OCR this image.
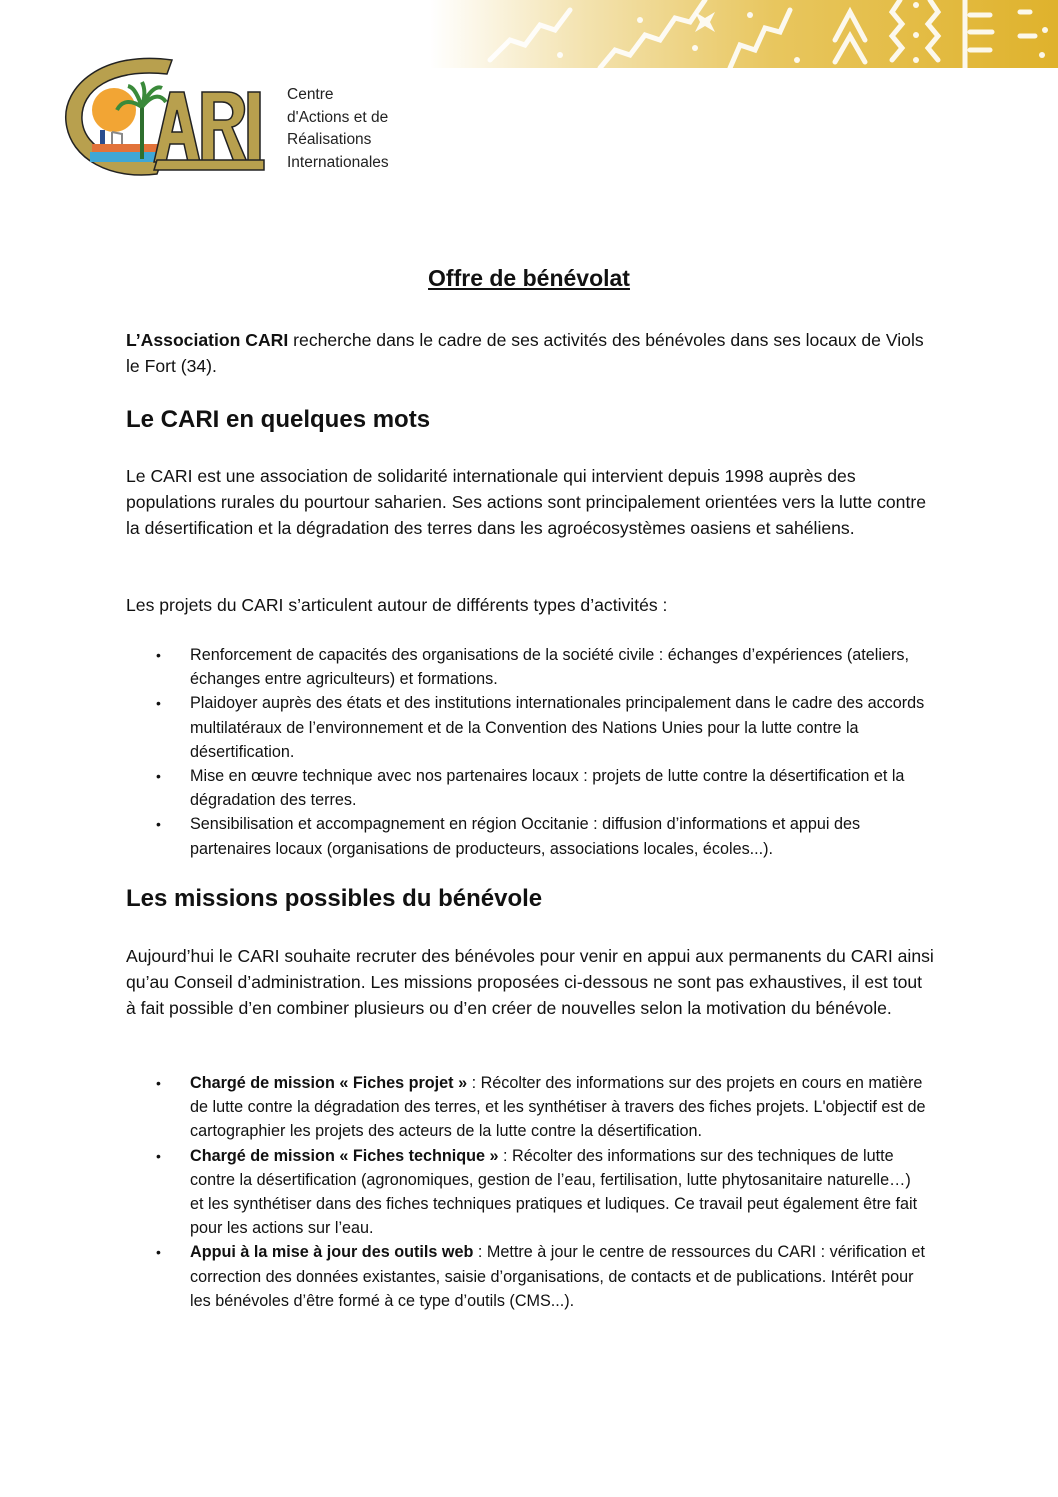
Centre
d'Actions et de
Réalisations
Internationales
Offre de bénévolat

L’Association CARI recherche dans le cadre de ses activités des bénévoles dans ses locaux de Viols le Fort (34).

Le CARI en quelques mots

Le CARI est une association de solidarité internationale qui intervient depuis 1998 auprès des populations rurales du pourtour saharien. Ses actions sont principalement orientées vers la lutte contre la désertification et la dégradation des terres dans les agroécosystèmes oasiens et sahéliens.

Les projets du CARI s’articulent autour de différents types d’activités :

• Renforcement de capacités des organisations de la société civile : échanges d’expériences (ateliers, échanges entre agriculteurs) et formations.
• Plaidoyer auprès des états et des institutions internationales principalement dans le cadre des accords multilatéraux de l’environnement et de la Convention des Nations Unies pour la lutte contre la désertification.
• Mise en œuvre technique avec nos partenaires locaux : projets de lutte contre la désertification et la dégradation des terres.
• Sensibilisation et accompagnement en région Occitanie : diffusion d’informations et appui des partenaires locaux (organisations de producteurs, associations locales, écoles...).
Les missions possibles du bénévole

Aujourd’hui le CARI souhaite recruter des bénévoles pour venir en appui aux permanents du CARI ainsi qu’au Conseil d’administration. Les missions proposées ci-dessous ne sont pas exhaustives, il est tout à fait possible d’en combiner plusieurs ou d’en créer de nouvelles selon la motivation du bénévole.

• Chargé de mission « Fiches projet » : Récolter des informations sur des projets en cours en matière de lutte contre la dégradation des terres, et les synthétiser à travers des fiches projets. L'objectif est de cartographier les projets des acteurs de la lutte contre la désertification.
• Chargé de mission « Fiches technique » : Récolter des informations sur des techniques de lutte contre la désertification (agronomiques, gestion de l’eau, fertilisation, lutte phytosanitaire naturelle…) et les synthétiser dans des fiches techniques pratiques et ludiques. Ce travail peut également être fait pour les actions sur l’eau.
• Appui à la mise à jour des outils web : Mettre à jour le centre de ressources du CARI : vérification et correction des données existantes, saisie d’organisations, de contacts et de publications. Intérêt pour les bénévoles d’être formé à ce type d’outils (CMS...).
